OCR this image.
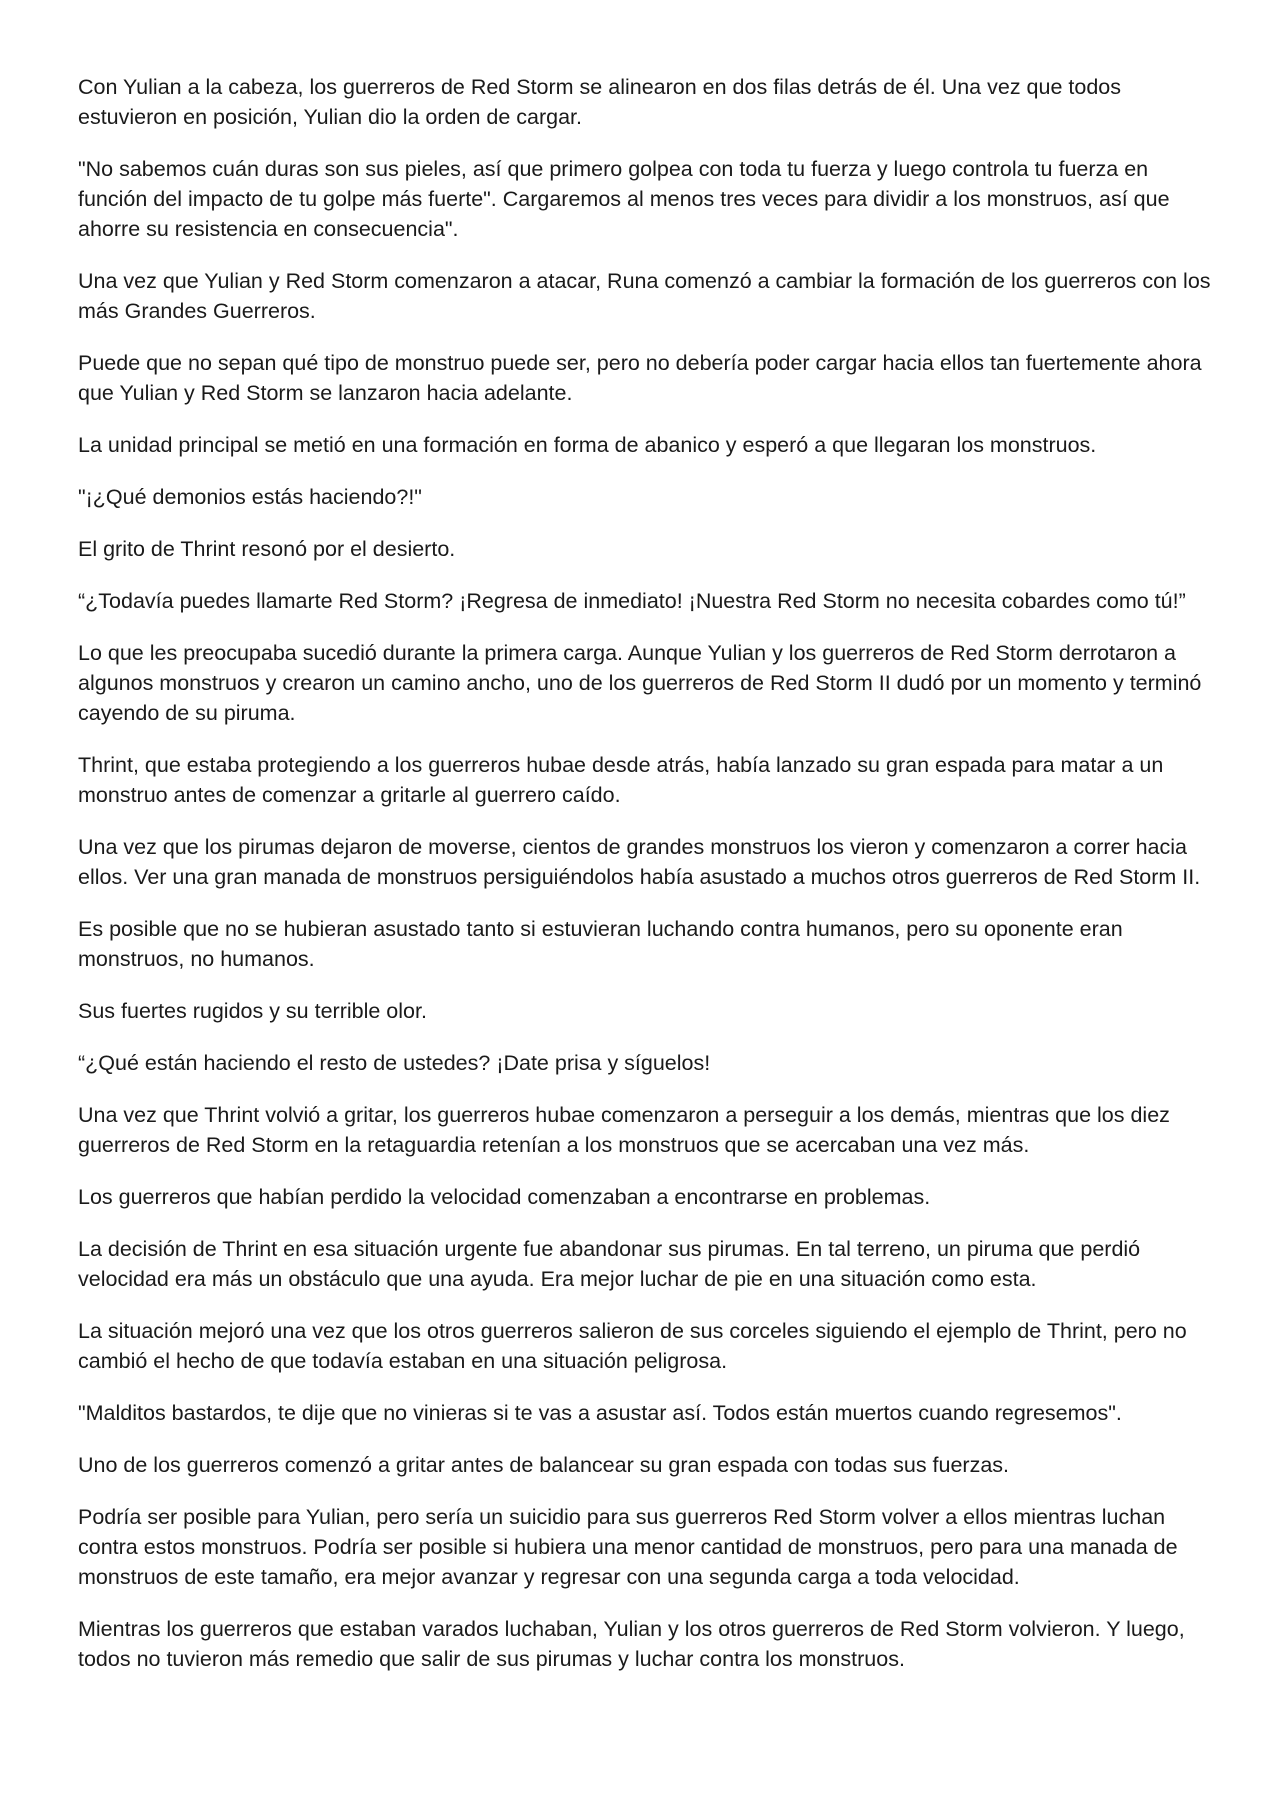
Con Yulian a la cabeza, los guerreros de Red Storm se alinearon en dos filas detrás de él. Una vez que todos estuvieron en posición, Yulian dio la orden de cargar.

"No sabemos cuán duras son sus pieles, así que primero golpea con toda tu fuerza y luego controla tu fuerza en función del impacto de tu golpe más fuerte". Cargaremos al menos tres veces para dividir a los monstruos, así que ahorre su resistencia en consecuencia".

Una vez que Yulian y Red Storm comenzaron a atacar, Runa comenzó a cambiar la formación de los guerreros con los más Grandes Guerreros.

Puede que no sepan qué tipo de monstruo puede ser, pero no debería poder cargar hacia ellos tan fuertemente ahora que Yulian y Red Storm se lanzaron hacia adelante.

La unidad principal se metió en una formación en forma de abanico y esperó a que llegaran los monstruos.

"¡¿Qué demonios estás haciendo?!"

El grito de Thrint resonó por el desierto.

“¿Todavía puedes llamarte Red Storm? ¡Regresa de inmediato! ¡Nuestra Red Storm no necesita cobardes como tú!”

Lo que les preocupaba sucedió durante la primera carga. Aunque Yulian y los guerreros de Red Storm derrotaron a algunos monstruos y crearon un camino ancho, uno de los guerreros de Red Storm II dudó por un momento y terminó cayendo de su piruma.

Thrint, que estaba protegiendo a los guerreros hubae desde atrás, había lanzado su gran espada para matar a un monstruo antes de comenzar a gritarle al guerrero caído.

Una vez que los pirumas dejaron de moverse, cientos de grandes monstruos los vieron y comenzaron a correr hacia ellos. Ver una gran manada de monstruos persiguiéndolos había asustado a muchos otros guerreros de Red Storm II.

Es posible que no se hubieran asustado tanto si estuvieran luchando contra humanos, pero su oponente eran monstruos, no humanos.

Sus fuertes rugidos y su terrible olor.

“¿Qué están haciendo el resto de ustedes? ¡Date prisa y síguelos!

Una vez que Thrint volvió a gritar, los guerreros hubae comenzaron a perseguir a los demás, mientras que los diez guerreros de Red Storm en la retaguardia retenían a los monstruos que se acercaban una vez más.

Los guerreros que habían perdido la velocidad comenzaban a encontrarse en problemas.

La decisión de Thrint en esa situación urgente fue abandonar sus pirumas. En tal terreno, un piruma que perdió velocidad era más un obstáculo que una ayuda. Era mejor luchar de pie en una situación como esta.

La situación mejoró una vez que los otros guerreros salieron de sus corceles siguiendo el ejemplo de Thrint, pero no cambió el hecho de que todavía estaban en una situación peligrosa.

"Malditos bastardos, te dije que no vinieras si te vas a asustar así. Todos están muertos cuando regresemos".

Uno de los guerreros comenzó a gritar antes de balancear su gran espada con todas sus fuerzas.

Podría ser posible para Yulian, pero sería un suicidio para sus guerreros Red Storm volver a ellos mientras luchan contra estos monstruos. Podría ser posible si hubiera una menor cantidad de monstruos, pero para una manada de monstruos de este tamaño, era mejor avanzar y regresar con una segunda carga a toda velocidad.

Mientras los guerreros que estaban varados luchaban, Yulian y los otros guerreros de Red Storm volvieron. Y luego, todos no tuvieron más remedio que salir de sus pirumas y luchar contra los monstruos.
